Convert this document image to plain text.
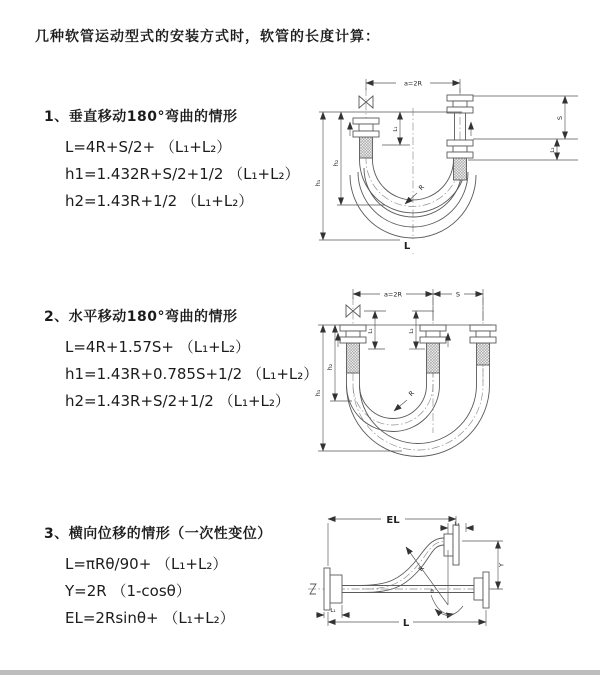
几种软管运动型式的安装方式时，软管的长度计算：
1、垂直移动180°弯曲的情形
L=4R+S/2+ （L₁+L₂）
h1=1.432R+S/2+1/2 （L₁+L₂）
h2=1.43R+1/2 （L₁+L₂）
2、水平移动180°弯曲的情形
L=4R+1.57S+ （L₁+L₂）
h1=1.43R+0.785S+1/2 （L₁+L₂）
h2=1.43R+S/2+1/2 （L₁+L₂）
3、横向位移的情形（一次性变位）
L=πRθ/90+ （L₁+L₂）
Y=2R （1-cosθ）
EL=2Rsinθ+ （L₁+L₂）
a=2R
h₁
h₂
L₁
S
L₂
R
L
a=2R	S
h₁
h₂
L₁	L₂
R
R
θ
EL	L₂
Y
L
L₁
